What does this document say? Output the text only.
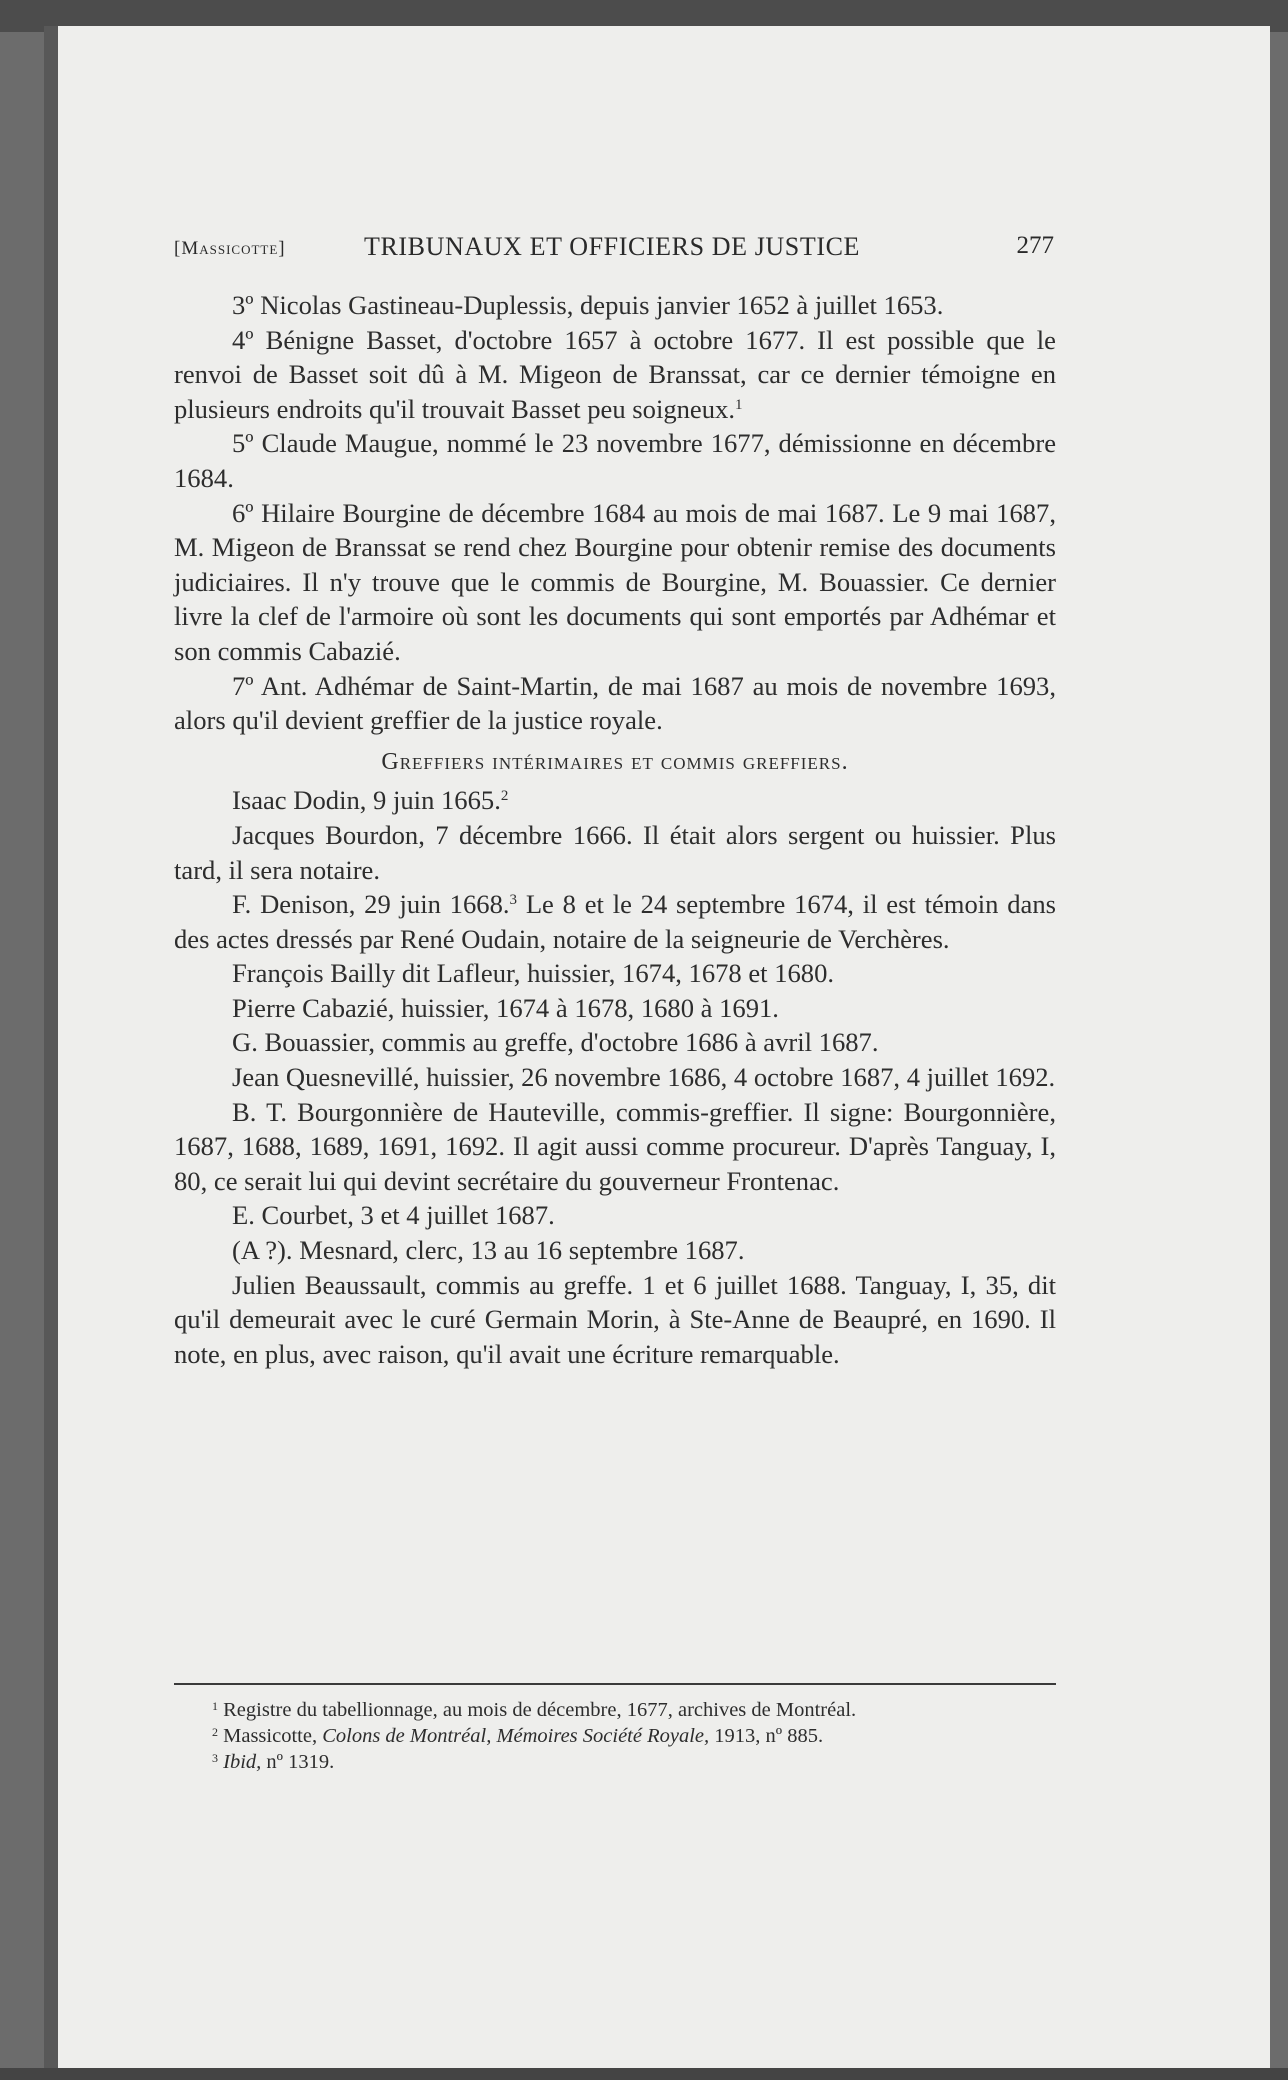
[Massicotte]	TRIBUNAUX ET OFFICIERS DE JUSTICE	277

3º Nicolas Gastineau-Duplessis, depuis janvier 1652 à juillet 1653.

4º Bénigne Basset, d'octobre 1657 à octobre 1677. Il est possible que le renvoi de Basset soit dû à M. Migeon de Branssat, car ce dernier témoigne en plusieurs endroits qu'il trouvait Basset peu soigneux.$^1$

5º Claude Maugue, nommé le 23 novembre 1677, démissionne en décembre 1684.

6º Hilaire Bourgine de décembre 1684 au mois de mai 1687. Le 9 mai 1687, M. Migeon de Branssat se rend chez Bourgine pour obtenir remise des documents judiciaires. Il n'y trouve que le commis de Bourgine, M. Bouassier. Ce dernier livre la clef de l'armoire où sont les documents qui sont emportés par Adhémar et son commis Cabazié.

7º Ant. Adhémar de Saint-Martin, de mai 1687 au mois de novembre 1693, alors qu'il devient greffier de la justice royale.

Greffiers intérimaires et commis greffiers.

Isaac Dodin, 9 juin 1665.$^2$

Jacques Bourdon, 7 décembre 1666. Il était alors sergent ou huissier. Plus tard, il sera notaire.

F. Denison, 29 juin 1668.$^3$ Le 8 et le 24 septembre 1674, il est témoin dans des actes dressés par René Oudain, notaire de la seigneurie de Verchères.

François Bailly dit Lafleur, huissier, 1674, 1678 et 1680.

Pierre Cabazié, huissier, 1674 à 1678, 1680 à 1691.

G. Bouassier, commis au greffe, d'octobre 1686 à avril 1687.

Jean Quesnevillé, huissier, 26 novembre 1686, 4 octobre 1687, 4 juillet 1692.

B. T. Bourgonnière de Hauteville, commis-greffier. Il signe: Bourgonnière, 1687, 1688, 1689, 1691, 1692. Il agit aussi comme procureur. D'après Tanguay, I, 80, ce serait lui qui devint secrétaire du gouverneur Frontenac.

E. Courbet, 3 et 4 juillet 1687.

(A ?). Mesnard, clerc, 13 au 16 septembre 1687.

Julien Beaussault, commis au greffe. 1 et 6 juillet 1688. Tanguay, I, 35, dit qu'il demeurait avec le curé Germain Morin, à Ste-Anne de Beaupré, en 1690. Il note, en plus, avec raison, qu'il avait une écriture remarquable.

$^1$ Registre du tabellionnage, au mois de décembre, 1677, archives de Montréal.

$^2$ Massicotte, Colons de Montréal, Mémoires Société Royale, 1913, nº 885.

$^3$ Ibid, nº 1319.
